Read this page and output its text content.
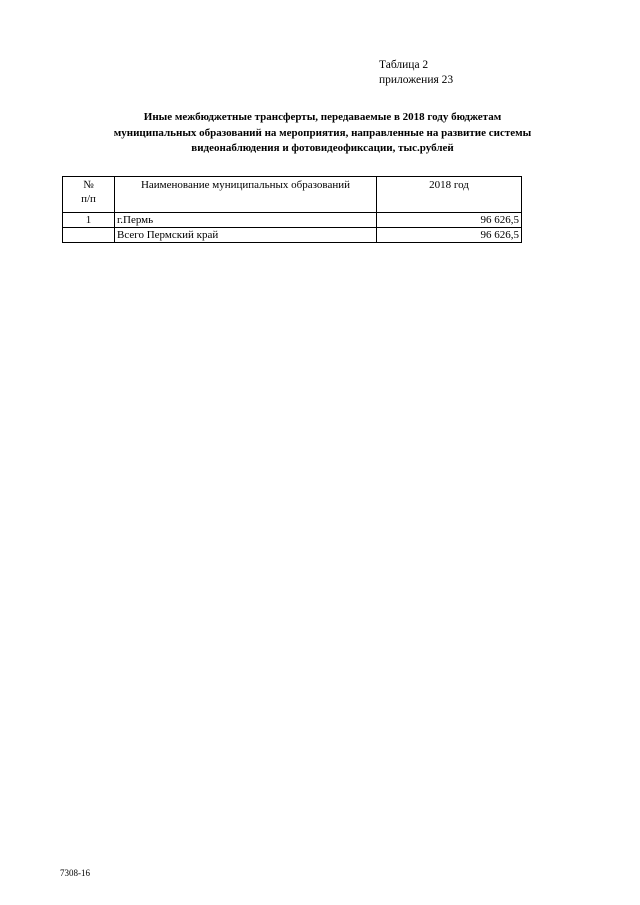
Таблица 2
приложения 23
Иные межбюджетные трансферты, передаваемые в 2018 году бюджетам
муниципальных образований на мероприятия, направленные на развитие системы
видеонаблюдения и фотовидеофиксации, тыс.рублей
№
п/п	Наименование муниципальных образований	2018 год
1	г.Пермь	96 626,5
	Всего Пермский край	96 626,5
7308-16
